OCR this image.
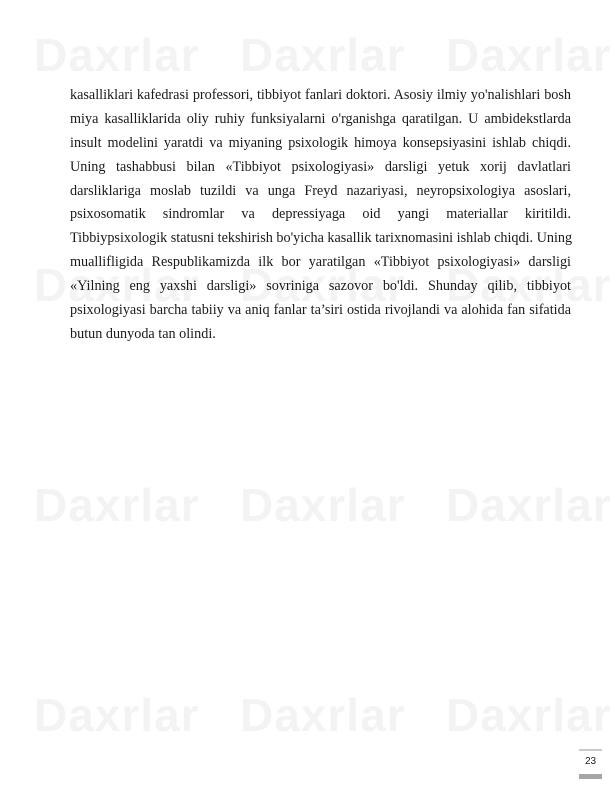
kasalliklari kafedrasi professori, tibbiyot fanlari doktori. Asosiy ilmiy yo'nalishlari bosh
miya kasalliklarida oliy ruhiy funksiyalarni o'rganishga qaratilgan. U ambidekstlarda
insult modelini yaratdi va miyaning psixologik himoya konsepsiyasini ishlab chiqdi.
Uning tashabbusi bilan «Tibbiyot psixologiyasi» darsligi yetuk xorij davlatlari
darsliklariga moslab tuzildi va unga Freyd nazariyasi, neyropsixologiya asoslari,
psixosomatik sindromlar va depressiyaga oid yangi materiallar kiritildi.
Tibbiypsixologik statusni tekshirish bo'yicha kasallik tarixnomasini ishlab chiqdi. Uning
muallifligida Respublikamizda ilk bor yaratilgan «Tibbiyot psixologiyasi» darsligi
«Yilning eng yaxshi darsligi» sovriniga sazovor bo'ldi. Shunday qilib, tibbiyot
psixologiyasi barcha tabiiy va aniq fanlar ta’siri ostida rivojlandi va alohida fan sifatida
butun dunyoda tan olindi.
23
